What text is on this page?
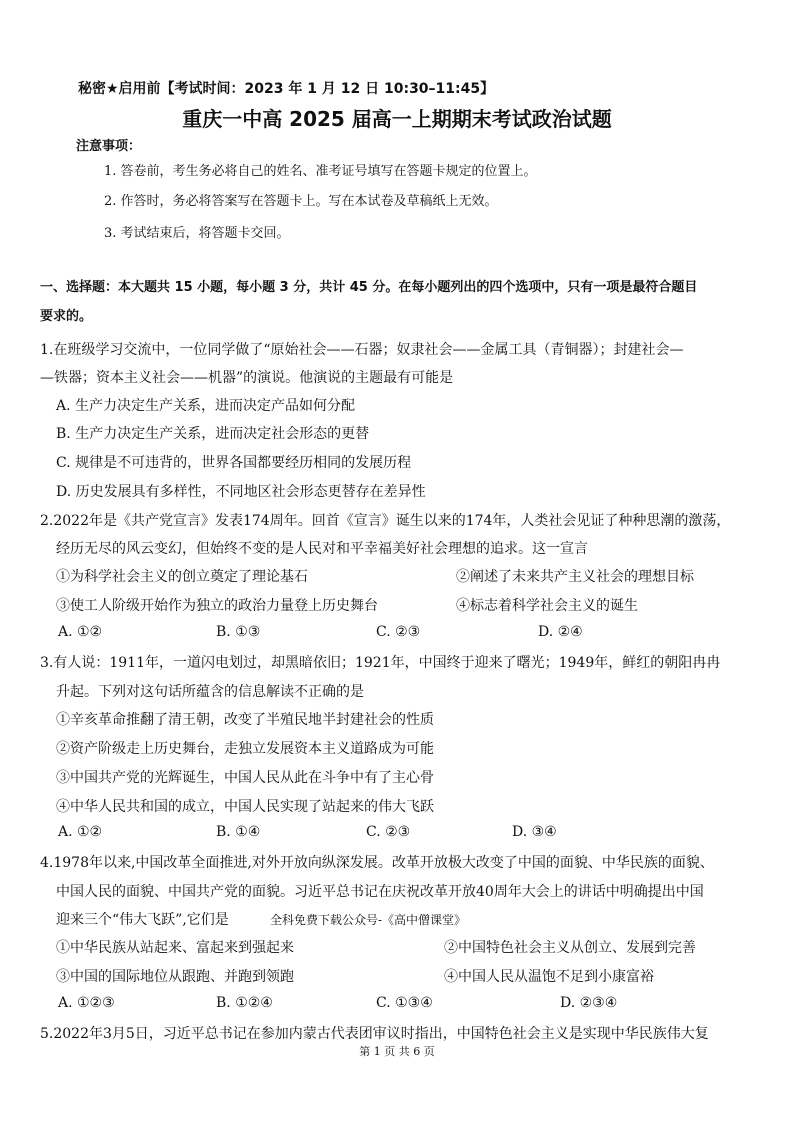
秘密★启用前【考试时间：2023 年 1 月 12 日 10:30–11:45】
重庆一中高 2025 届高一上期期末考试政治试题
注意事项：
1. 答卷前，考生务必将自己的姓名、准考证号填写在答题卡规定的位置上。
2. 作答时，务必将答案写在答题卡上。写在本试卷及草稿纸上无效。
3. 考试结束后，将答题卡交回。
一、选择题：本大题共 15 小题，每小题 3 分，共计 45 分。在每小题列出的四个选项中，只有一项是最符合题目
要求的。
1.在班级学习交流中，一位同学做了“原始社会——石器；奴隶社会——金属工具（青铜器）；封建社会—
—铁器；资本主义社会——机器”的演说。他演说的主题最有可能是
A. 生产力决定生产关系，进而决定产品如何分配
B. 生产力决定生产关系，进而决定社会形态的更替
C. 规律是不可违背的，世界各国都要经历相同的发展历程
D. 历史发展具有多样性，不同地区社会形态更替存在差异性
2.2022年是《共产党宣言》发表174周年。回首《宣言》诞生以来的174年，人类社会见证了种种思潮的激荡，
经历无尽的风云变幻，但始终不变的是人民对和平幸福美好社会理想的追求。这一宣言
①为科学社会主义的创立奠定了理论基石	②阐述了未来共产主义社会的理想目标
③使工人阶级开始作为独立的政治力量登上历史舞台	④标志着科学社会主义的诞生
A. ①②	B. ①③	C. ②③	D. ②④
3.有人说：1911年，一道闪电划过，却黑暗依旧；1921年，中国终于迎来了曙光；1949年，鲜红的朝阳冉冉
升起。下列对这句话所蕴含的信息解读不正确的是
①辛亥革命推翻了清王朝，改变了半殖民地半封建社会的性质
②资产阶级走上历史舞台，走独立发展资本主义道路成为可能
③中国共产党的光辉诞生，中国人民从此在斗争中有了主心骨
④中华人民共和国的成立，中国人民实现了站起来的伟大飞跃
A. ①②	B. ①④	C. ②③	D. ③④
4.1978年以来,中国改革全面推进,对外开放向纵深发展。改革开放极大改变了中国的面貌、中华民族的面貌、
中国人民的面貌、中国共产党的面貌。习近平总书记在庆祝改革开放40周年大会上的讲话中明确提出中国
迎来三个“伟大飞跃”,它们是	全科免费下载公众号-《高中僧课堂》
①中华民族从站起来、富起来到强起来	②中国特色社会主义从创立、发展到完善
③中国的国际地位从跟跑、并跑到领跑	④中国人民从温饱不足到小康富裕
A. ①②③	B. ①②④	C. ①③④	D. ②③④
5.2022年3月5日，习近平总书记在参加内蒙古代表团审议时指出，中国特色社会主义是实现中华民族伟大复
第 1 页 共 6 页
